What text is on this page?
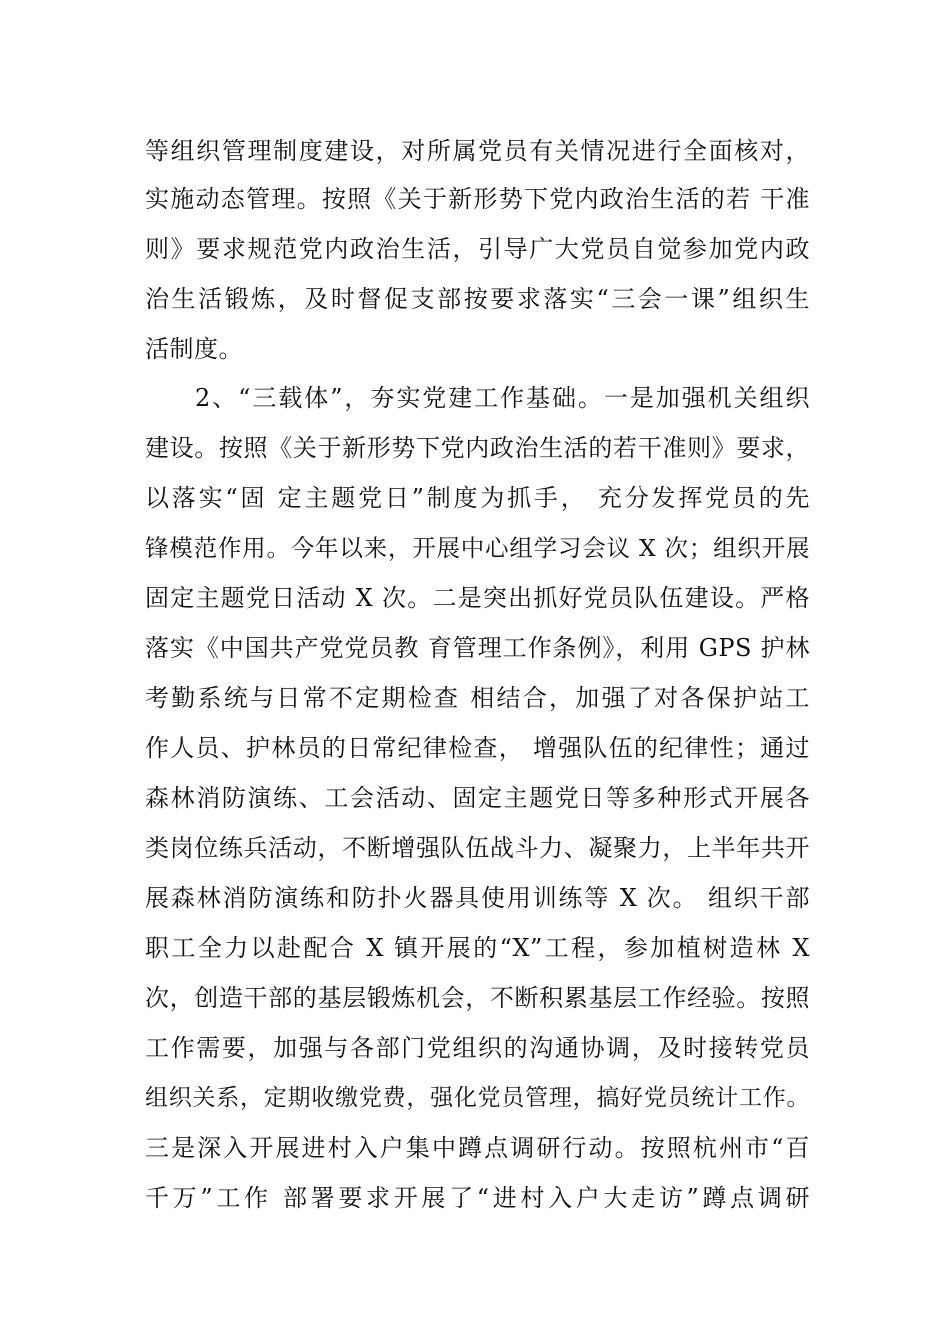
等组织管理制度建设，对所属党员有关情况进行全面核对，
实施动态管理。按照《关于新形势下党内政治生活的若 干准
则》要求规范党内政治生活，引导广大党员自觉参加党内政
治生活锻炼，及时督促支部按要求落实“三会一课”组织生
活制度。
2、“三载体”，夯实党建工作基础。一是加强机关组织
建设。按照《关于新形势下党内政治生活的若干准则》要求，
以落实“固 定主题党日”制度为抓手， 充分发挥党员的先
锋模范作用。今年以来，开展中心组学习会议 X 次；组织开展
固定主题党日活动 X 次。二是突出抓好党员队伍建设。严格
落实《中国共产党党员教 育管理工作条例》，利用 GPS 护林
考勤系统与日常不定期检查 相结合，加强了对各保护站工
作人员、护林员的日常纪律检查， 增强队伍的纪律性；通过
森林消防演练、工会活动、固定主题党日等多种形式开展各
类岗位练兵活动，不断增强队伍战斗力、凝聚力，上半年共开
展森林消防演练和防扑火器具使用训练等 X 次。 组织干部
职工全力以赴配合 X 镇开展的“X”工程，参加植树造林 X
次，创造干部的基层锻炼机会，不断积累基层工作经验。按照
工作需要，加强与各部门党组织的沟通协调，及时接转党员
组织关系，定期收缴党费，强化党员管理，搞好党员统计工作。
三是深入开展进村入户集中蹲点调研行动。按照杭州市“百
千万”工作 部署要求开展了“进村入户大走访”蹲点调研
